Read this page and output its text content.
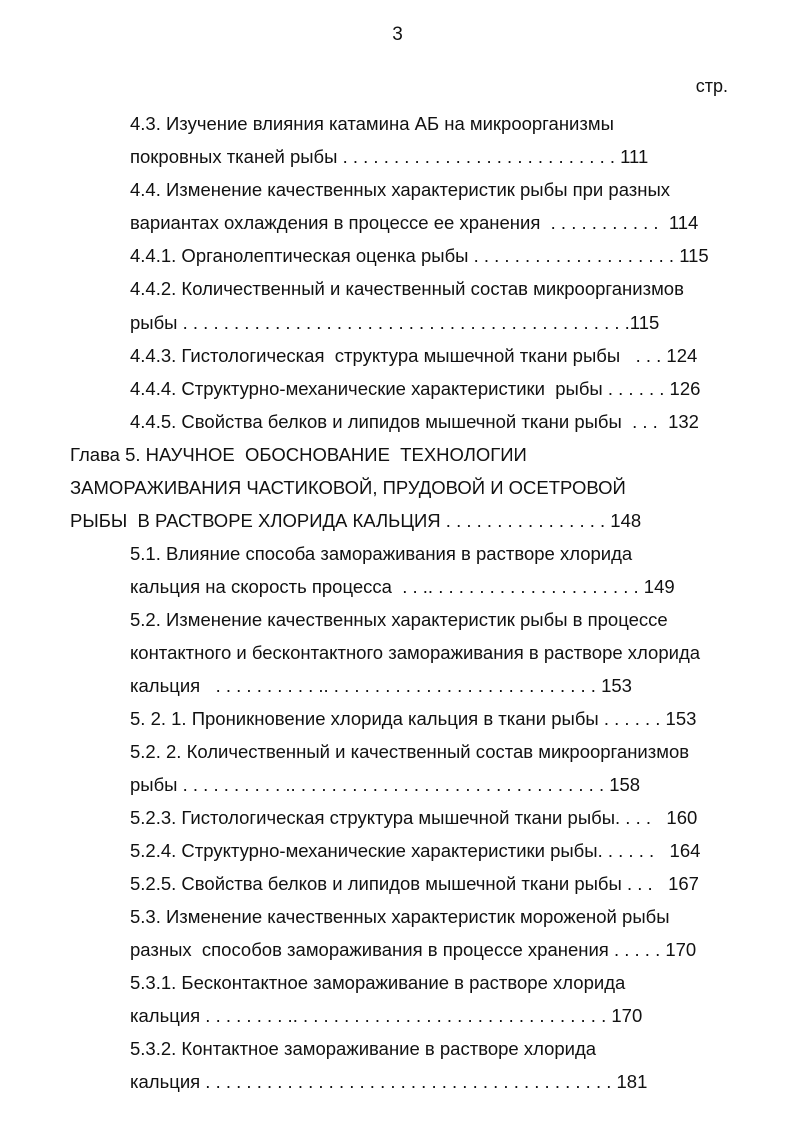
3
стр.
4.3. Изучение влияния катамина АБ на микроорганизмы
покровных тканей рыбы . . . . . . . . . . . . . . . . . . . . . . . . . . . 111
4.4. Изменение качественных характеристик рыбы при разных
вариантах охлаждения в процессе ее хранения  . . . . . . . . . . .  114
4.4.1. Органолептическая оценка рыбы . . . . . . . . . . . . . . . . . . . . 115
4.4.2. Количественный и качественный состав микроорганизмов
рыбы . . . . . . . . . . . . . . . . . . . . . . . . . . . . . . . . . . . . . . . . . . . .115
4.4.3. Гистологическая  структура мышечной ткани рыбы   . . . 124
4.4.4. Структурно-механические характеристики  рыбы . . . . . . 126
4.4.5. Свойства белков и липидов мышечной ткани рыбы  . . .  132
Глава 5. НАУЧНОЕ  ОБОСНОВАНИЕ  ТЕХНОЛОГИИ
ЗАМОРАЖИВАНИЯ ЧАСТИКОВОЙ, ПРУДОВОЙ И ОСЕТРОВОЙ
РЫБЫ  В РАСТВОРЕ ХЛОРИДА КАЛЬЦИЯ . . . . . . . . . . . . . . . . 148
5.1. Влияние способа замораживания в растворе хлорида
кальция на скорость процесса  . . .. . . . . . . . . . . . . . . . . . . . . 149
5.2. Изменение качественных характеристик рыбы в процессе
контактного и бесконтактного замораживания в растворе хлорида
кальция   . . . . . . . . . . .. . . . . . . . . . . . . . . . . . . . . . . . . . . 153
5. 2. 1. Проникновение хлорида кальция в ткани рыбы . . . . . . 153
5.2. 2. Количественный и качественный состав микроорганизмов
рыбы . . . . . . . . . . .. . . . . . . . . . . . . . . . . . . . . . . . . . . . . . . 158
5.2.3. Гистологическая структура мышечной ткани рыбы. . . .   160
5.2.4. Структурно-механические характеристики рыбы. . . . . .   164
5.2.5. Свойства белков и липидов мышечной ткани рыбы . . .   167
5.3. Изменение качественных характеристик мороженой рыбы
разных  способов замораживания в процессе хранения . . . . . 170
5.3.1. Бесконтактное замораживание в растворе хлорида
кальция . . . . . . . . .. . . . . . . . . . . . . . . . . . . . . . . . . . . . . . . 170
5.3.2. Контактное замораживание в растворе хлорида
кальция . . . . . . . . . . . . . . . . . . . . . . . . . . . . . . . . . . . . . . . . 181
